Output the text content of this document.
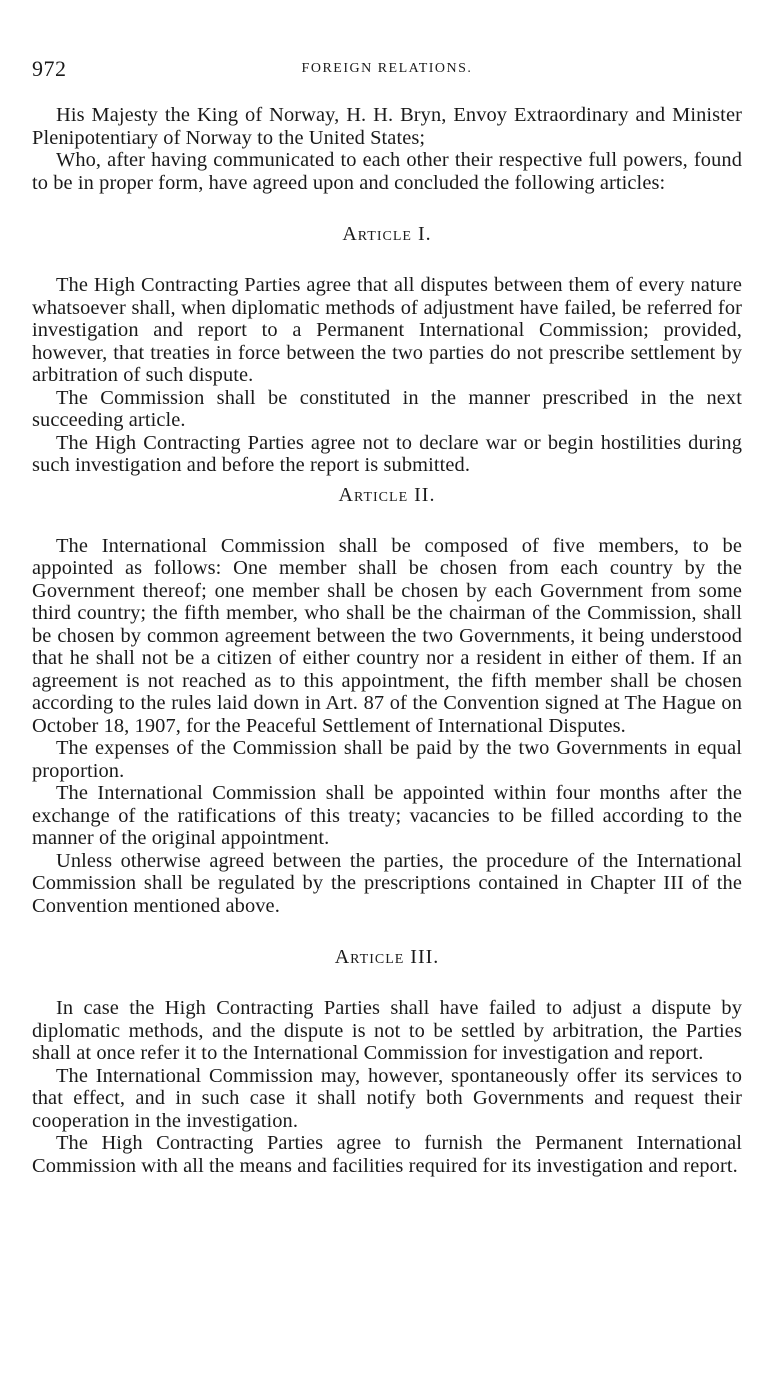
972	FOREIGN RELATIONS.

His Majesty the King of Norway, H. H. Bryn, Envoy Extraordinary and Minister Plenipotentiary of Norway to the United States;

Who, after having communicated to each other their respective full powers, found to be in proper form, have agreed upon and concluded the following articles:

Article I.

The High Contracting Parties agree that all disputes between them of every nature whatsoever shall, when diplomatic methods of adjustment have failed, be referred for investigation and report to a Permanent International Commission; provided, however, that treaties in force between the two parties do not prescribe settlement by arbitration of such dispute.

The Commission shall be constituted in the manner prescribed in the next succeeding article.

The High Contracting Parties agree not to declare war or begin hostilities during such investigation and before the report is submitted.

Article II.

The International Commission shall be composed of five members, to be appointed as follows: One member shall be chosen from each country by the Government thereof; one member shall be chosen by each Government from some third country; the fifth member, who shall be the chairman of the Commission, shall be chosen by common agreement between the two Governments, it being understood that he shall not be a citizen of either country nor a resident in either of them. If an agreement is not reached as to this appointment, the fifth member shall be chosen according to the rules laid down in Art. 87 of the Convention signed at The Hague on October 18, 1907, for the Peaceful Settlement of International Disputes.

The expenses of the Commission shall be paid by the two Governments in equal proportion.

The International Commission shall be appointed within four months after the exchange of the ratifications of this treaty; vacancies to be filled according to the manner of the original appointment.

Unless otherwise agreed between the parties, the procedure of the International Commission shall be regulated by the prescriptions contained in Chapter III of the Convention mentioned above.

Article III.

In case the High Contracting Parties shall have failed to adjust a dispute by diplomatic methods, and the dispute is not to be settled by arbitration, the Parties shall at once refer it to the International Commission for investigation and report.

The International Commission may, however, spontaneously offer its services to that effect, and in such case it shall notify both Governments and request their cooperation in the investigation.

The High Contracting Parties agree to furnish the Permanent International Commission with all the means and facilities required for its investigation and report.
